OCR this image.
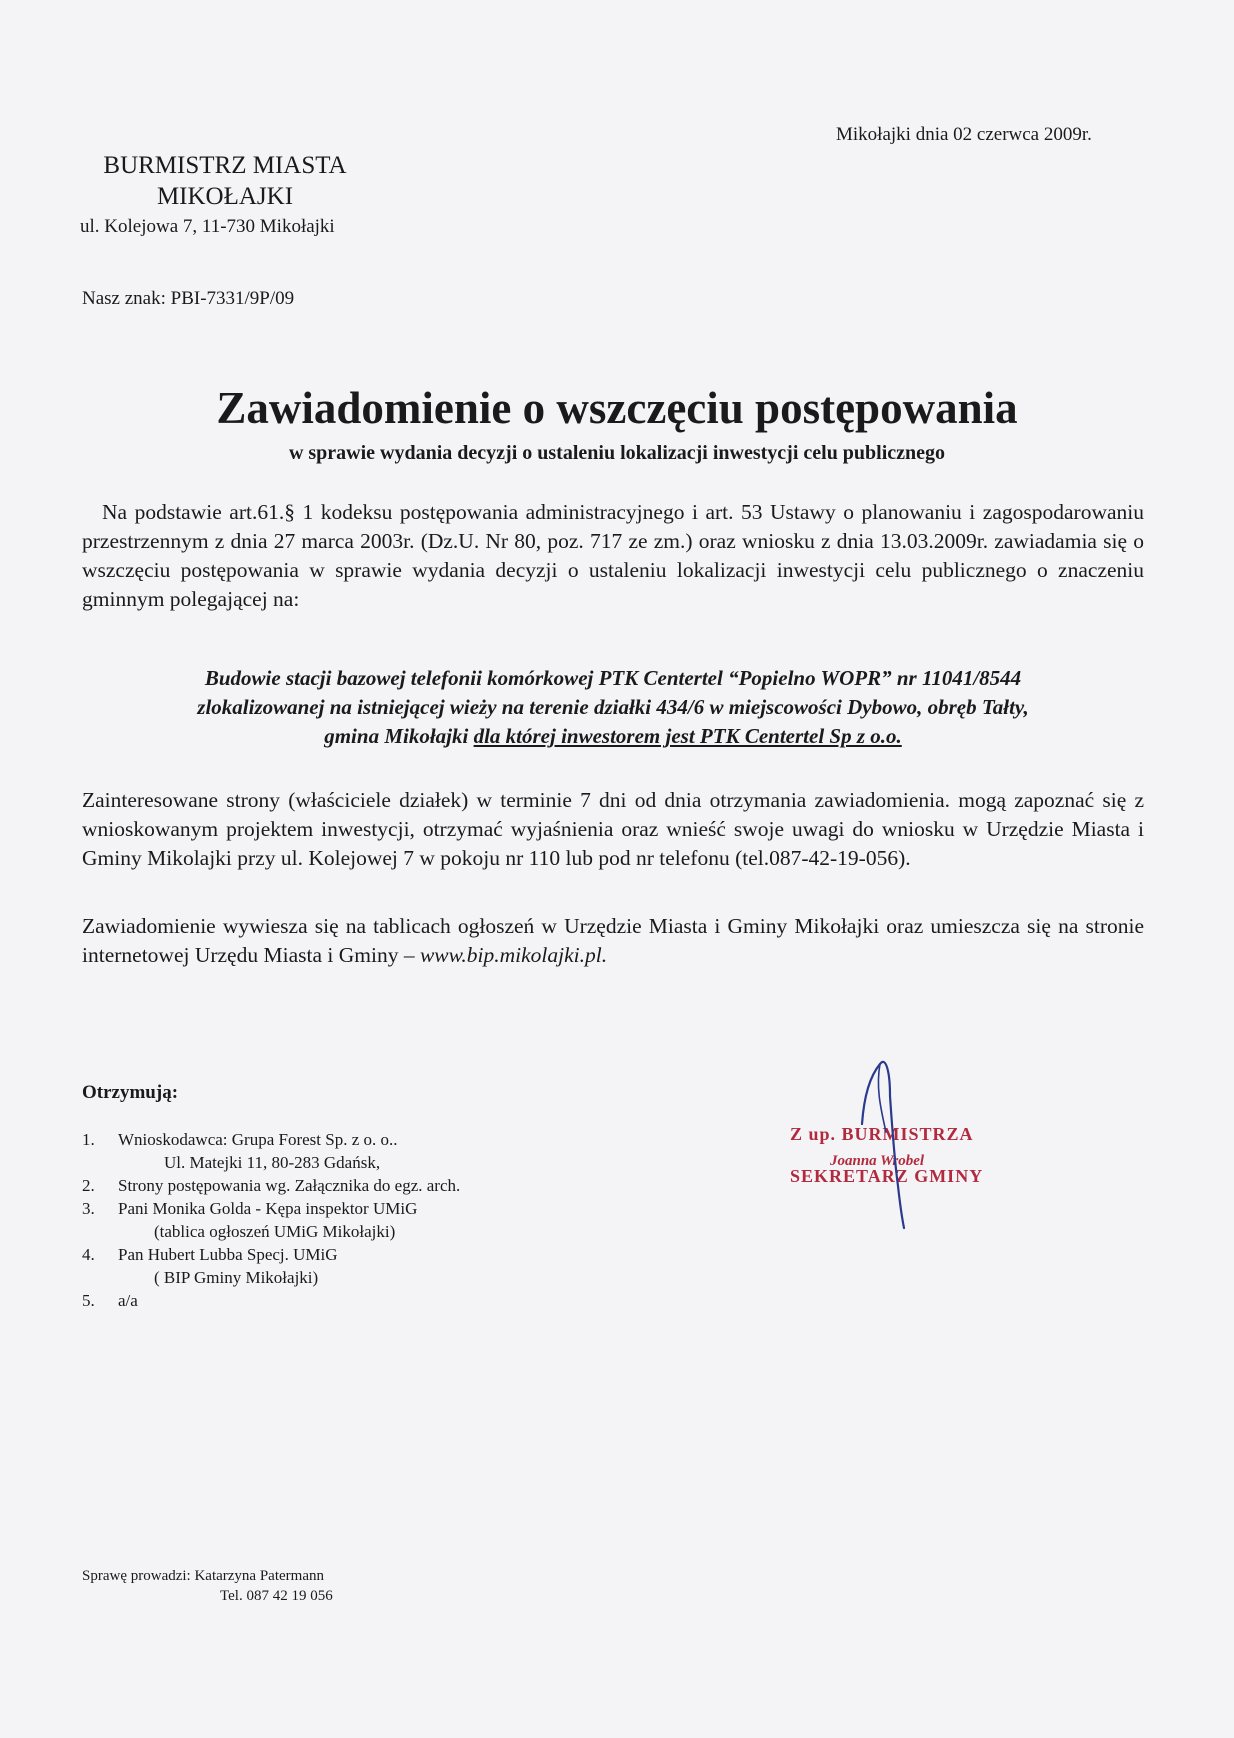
Mikołajki dnia 02 czerwca 2009r.
BURMISTRZ MIASTA
MIKOŁAJKI
ul. Kolejowa 7, 11-730 Mikołajki
Nasz znak: PBI-7331/9P/09
Zawiadomienie o wszczęciu postępowania
w sprawie wydania decyzji o ustaleniu lokalizacji inwestycji celu publicznego
Na podstawie art.61.§ 1 kodeksu postępowania administracyjnego i art. 53 Ustawy o planowaniu i zagospodarowaniu przestrzennym z dnia 27 marca 2003r. (Dz.U. Nr 80, poz. 717 ze zm.) oraz wniosku z dnia 13.03.2009r. zawiadamia się o wszczęciu postępowania w sprawie wydania decyzji o ustaleniu lokalizacji inwestycji celu publicznego o znaczeniu gminnym polegającej na:
Budowie stacji bazowej telefonii komórkowej PTK Centertel “Popielno WOPR” nr 11041/8544
zlokalizowanej na istniejącej wieży na terenie działki 434/6 w miejscowości Dybowo, obręb Tałty,
gmina Mikołajki dla której inwestorem jest PTK Centertel Sp z o.o.
Zainteresowane strony (właściciele działek) w terminie 7 dni od dnia otrzymania zawiadomienia. mogą zapoznać się z wnioskowanym projektem inwestycji, otrzymać wyjaśnienia oraz wnieść swoje uwagi do wniosku w Urzędzie Miasta i Gminy Mikolajki przy ul. Kolejowej 7 w pokoju nr 110 lub pod nr telefonu (tel.087-42-19-056).
Zawiadomienie wywiesza się na tablicach ogłoszeń w Urzędzie Miasta i Gminy Mikołajki oraz umieszcza się na stronie internetowej Urzędu Miasta i Gminy – www.bip.mikolajki.pl.
Otrzymują:
1.	Wnioskodawca: Grupa Forest Sp. z o. o..
Ul. Matejki 11, 80-283 Gdańsk,
2.	Strony postępowania wg. Załącznika do egz. arch.
3.	Pani Monika Golda - Kępa inspektor UMiG
(tablica ogłoszeń UMiG Mikołajki)
4.	Pan Hubert Lubba Specj. UMiG
( BIP Gminy Mikołajki)
5.	a/a
Z up. BURMISTRZA
Joanna Wrobel
SEKRETARZ GMINY
Sprawę prowadzi: Katarzyna Patermann
Tel. 087 42 19 056
